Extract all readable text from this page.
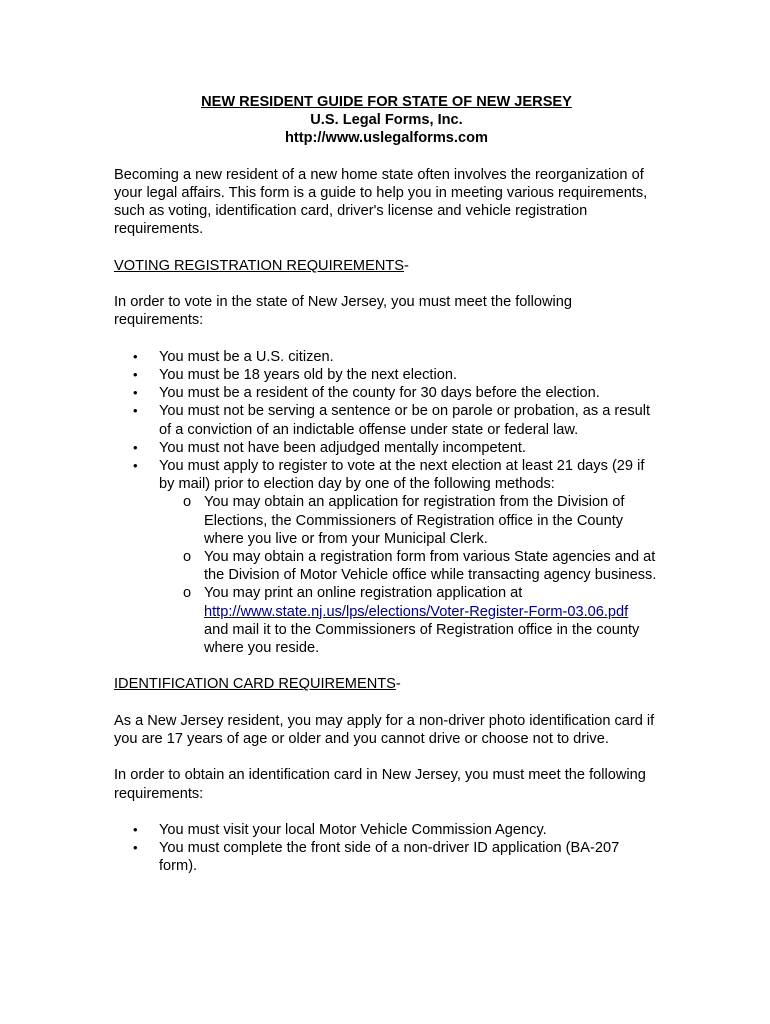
NEW RESIDENT GUIDE FOR STATE OF NEW JERSEY

U.S. Legal Forms, Inc.

http://www.uslegalforms.com

Becoming a new resident of a new home state often involves the reorganization of your legal affairs. This form is a guide to help you in meeting various requirements, such as voting, identification card, driver's license and vehicle registration requirements.

VOTING REGISTRATION REQUIREMENTS-

In order to vote in the state of New Jersey, you must meet the following requirements:

• You must be a U.S. citizen.
• You must be 18 years old by the next election.
• You must be a resident of the county for 30 days before the election.
• You must not be serving a sentence or be on parole or probation, as a result of a conviction of an indictable offense under state or federal law.
• You must not have been adjudged mentally incompetent.
• You must apply to register to vote at the next election at least 21 days (29 if by mail) prior to election day by one of the following methods:
o You may obtain an application for registration from the Division of Elections, the Commissioners of Registration office in the County where you live or from your Municipal Clerk.
o You may obtain a registration form from various State agencies and at the Division of Motor Vehicle office while transacting agency business.
o You may print an online registration application at
http://www.state.nj.us/lps/elections/Voter-Register-Form-03.06.pdf
and mail it to the Commissioners of Registration office in the county where you reside.

IDENTIFICATION CARD REQUIREMENTS-

As a New Jersey resident, you may apply for a non-driver photo identification card if you are 17 years of age or older and you cannot drive or choose not to drive.

In order to obtain an identification card in New Jersey, you must meet the following requirements:

• You must visit your local Motor Vehicle Commission Agency.
• You must complete the front side of a non-driver ID application (BA-207 form).
